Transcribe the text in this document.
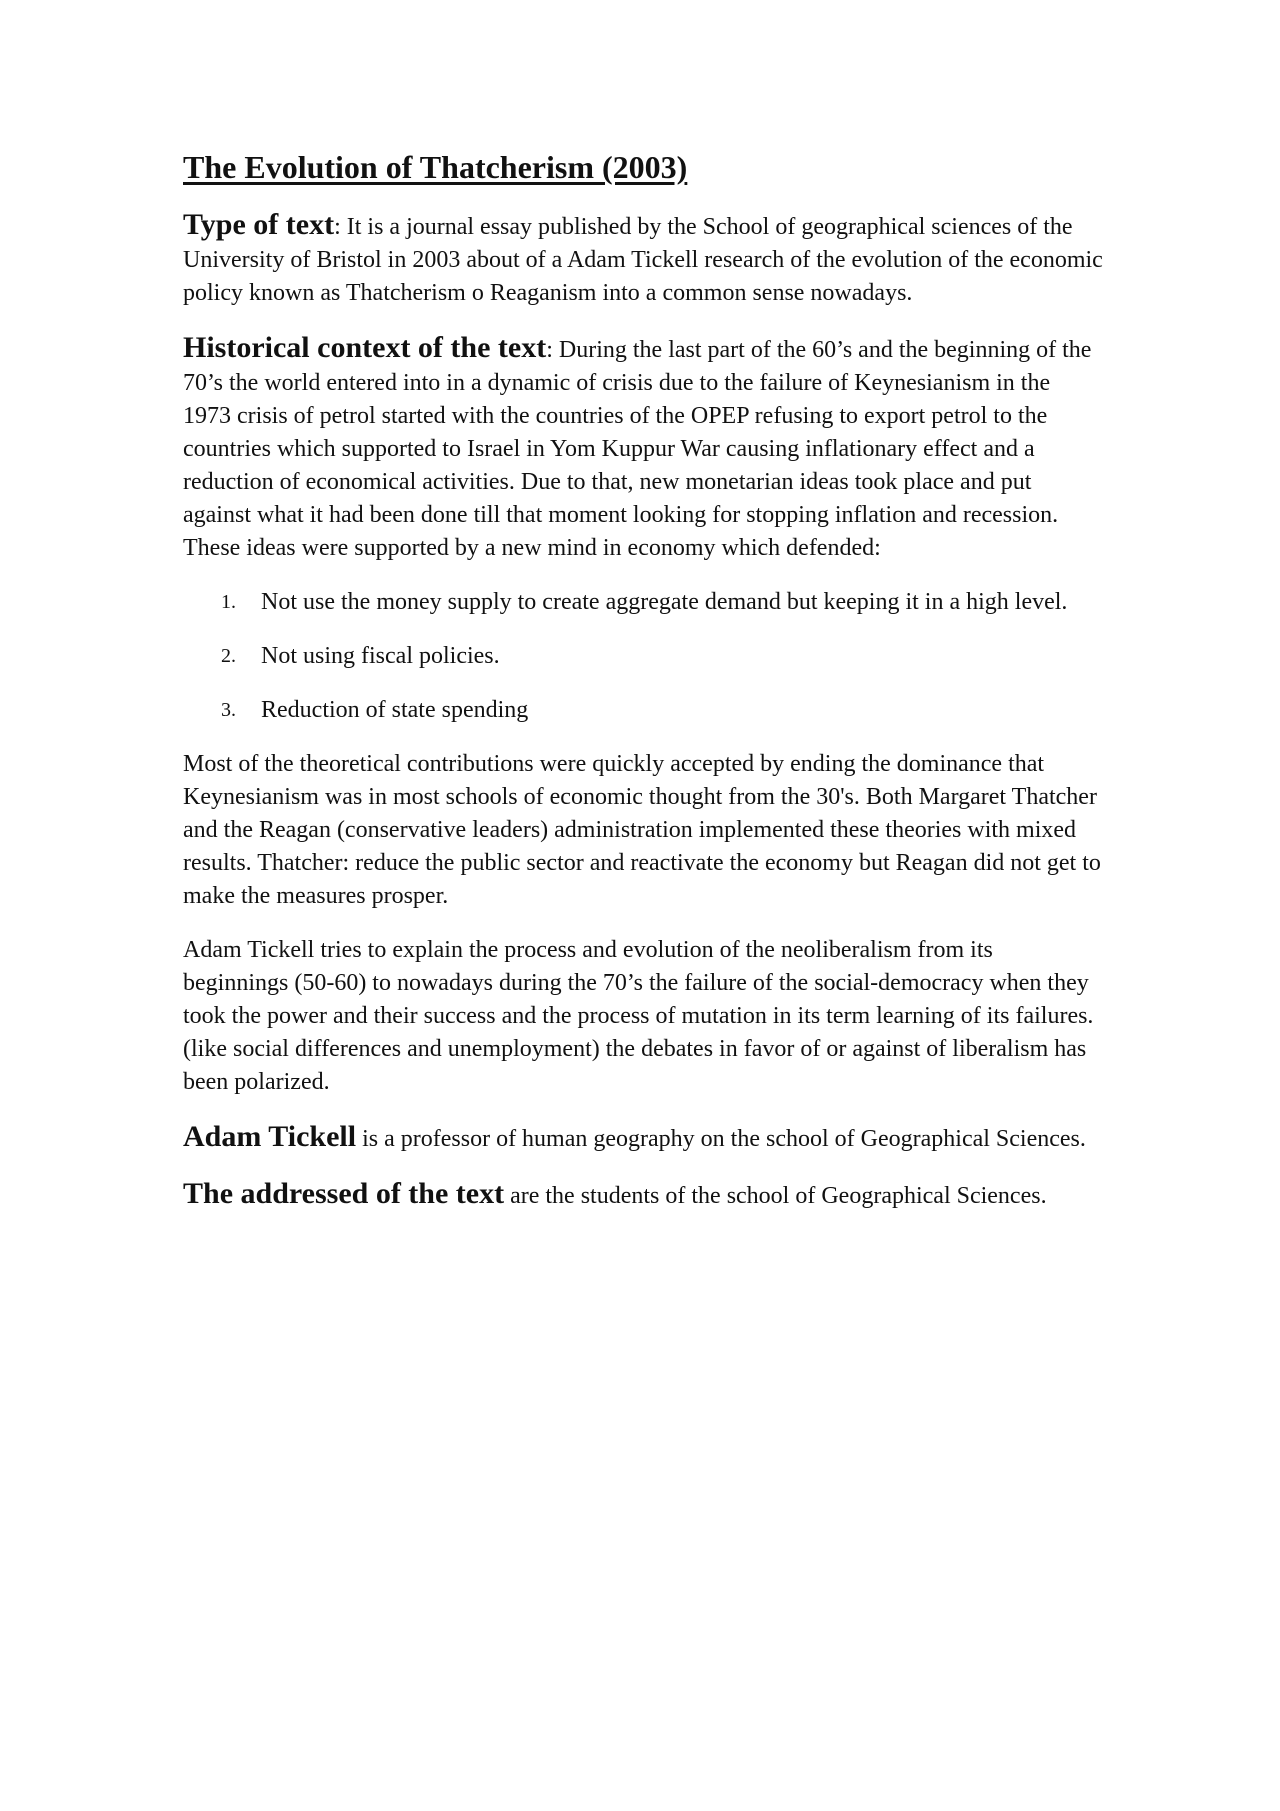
The Evolution of Thatcherism (2003)

Type of text: It is a journal essay published by the School of geographical sciences of the University of Bristol in 2003 about of a Adam Tickell research of the evolution of the economic policy known as Thatcherism o Reaganism into a common sense nowadays.

Historical context of the text: During the last part of the 60’s and the beginning of the 70’s the world entered into in a dynamic of crisis due to the failure of Keynesianism in the 1973 crisis of petrol started with the countries of the OPEP refusing to export petrol to the countries which supported to Israel in Yom Kuppur War causing inflationary effect and a reduction of economical activities. Due to that, new monetarian ideas took place and put against what it had been done till that moment looking for stopping inflation and recession. These ideas were supported by a new mind in economy which defended:

1. Not use the money supply to create aggregate demand but keeping it in a high level.
2. Not using fiscal policies.
3. Reduction of state spending

Most of the theoretical contributions were quickly accepted by ending the dominance that Keynesianism was in most schools of economic thought from the 30's. Both Margaret Thatcher and the Reagan (conservative leaders) administration implemented these theories with mixed results. Thatcher: reduce the public sector and reactivate the economy but Reagan did not get to make the measures prosper.

Adam Tickell tries to explain the process and evolution of the neoliberalism from its beginnings (50-60) to nowadays during the 70’s the failure of the social-democracy when they took the power and their success and the process of mutation in its term learning of its failures. (like social differences and unemployment) the debates in favor of or against of liberalism has been polarized.

Adam Tickell is a professor of human geography on the school of Geographical Sciences.

The addressed of the text are the students of the school of Geographical Sciences.
